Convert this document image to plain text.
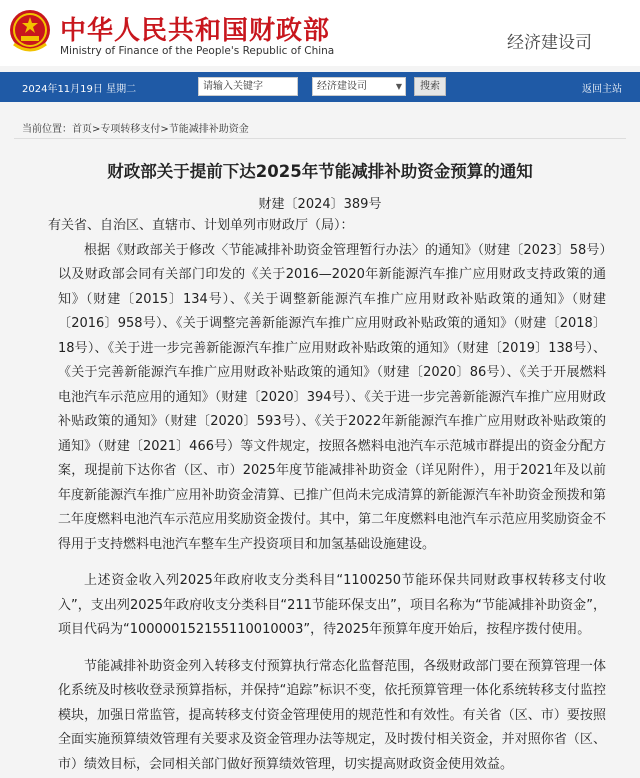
中华人民共和国财政部
Ministry of Finance of the People's Republic of China	经济建设司
2024年11月19日 星期二	请输入关键字	经济建设司	▼	搜索	返回主站
当前位置：首页>专项转移支付>节能减排补助资金
财政部关于提前下达2025年节能减排补助资金预算的通知
财建〔2024〕389号

有关省、自治区、直辖市、计划单列市财政厅（局）：

根据《财政部关于修改〈节能减排补助资金管理暂行办法〉的通知》（财建〔2023〕58号）以及财政部会同有关部门印发的《关于2016—2020年新能源汽车推广应用财政支持政策的通知》（财建〔2015〕134号）、《关于调整新能源汽车推广应用财政补贴政策的通知》（财建〔2016〕958号）、《关于调整完善新能源汽车推广应用财政补贴政策的通知》（财建〔2018〕18号）、《关于进一步完善新能源汽车推广应用财政补贴政策的通知》（财建〔2019〕138号）、《关于完善新能源汽车推广应用财政补贴政策的通知》（财建〔2020〕86号）、《关于开展燃料电池汽车示范应用的通知》（财建〔2020〕394号）、《关于进一步完善新能源汽车推广应用财政补贴政策的通知》（财建〔2020〕593号）、《关于2022年新能源汽车推广应用财政补贴政策的通知》（财建〔2021〕466号）等文件规定，按照各燃料电池汽车示范城市群提出的资金分配方案，现提前下达你省（区、市）2025年度节能减排补助资金（详见附件），用于2021年及以前年度新能源汽车推广应用补助资金清算、已推广但尚未完成清算的新能源汽车补助资金预拨和第二年度燃料电池汽车示范应用奖励资金拨付。其中，第二年度燃料电池汽车示范应用奖励资金不得用于支持燃料电池汽车整车生产投资项目和加氢基础设施建设。

上述资金收入列2025年政府收支分类科目“1100250节能环保共同财政事权转移支付收入”，支出列2025年政府收支分类科目“211节能环保支出”，项目名称为“节能减排补助资金”，项目代码为“100000152155110010003”，待2025年预算年度开始后，按程序拨付使用。

节能减排补助资金列入转移支付预算执行常态化监督范围，各级财政部门要在预算管理一体化系统及时核收登录预算指标，并保持“追踪”标识不变，依托预算管理一体化系统转移支付监控模块，加强日常监管，提高转移支付资金管理使用的规范性和有效性。有关省（区、市）要按照全面实施预算绩效管理有关要求及资金管理办法等规定，及时拨付相关资金，并对照你省（区、市）绩效目标，会同相关部门做好预算绩效管理，切实提高财政资金使用效益。
